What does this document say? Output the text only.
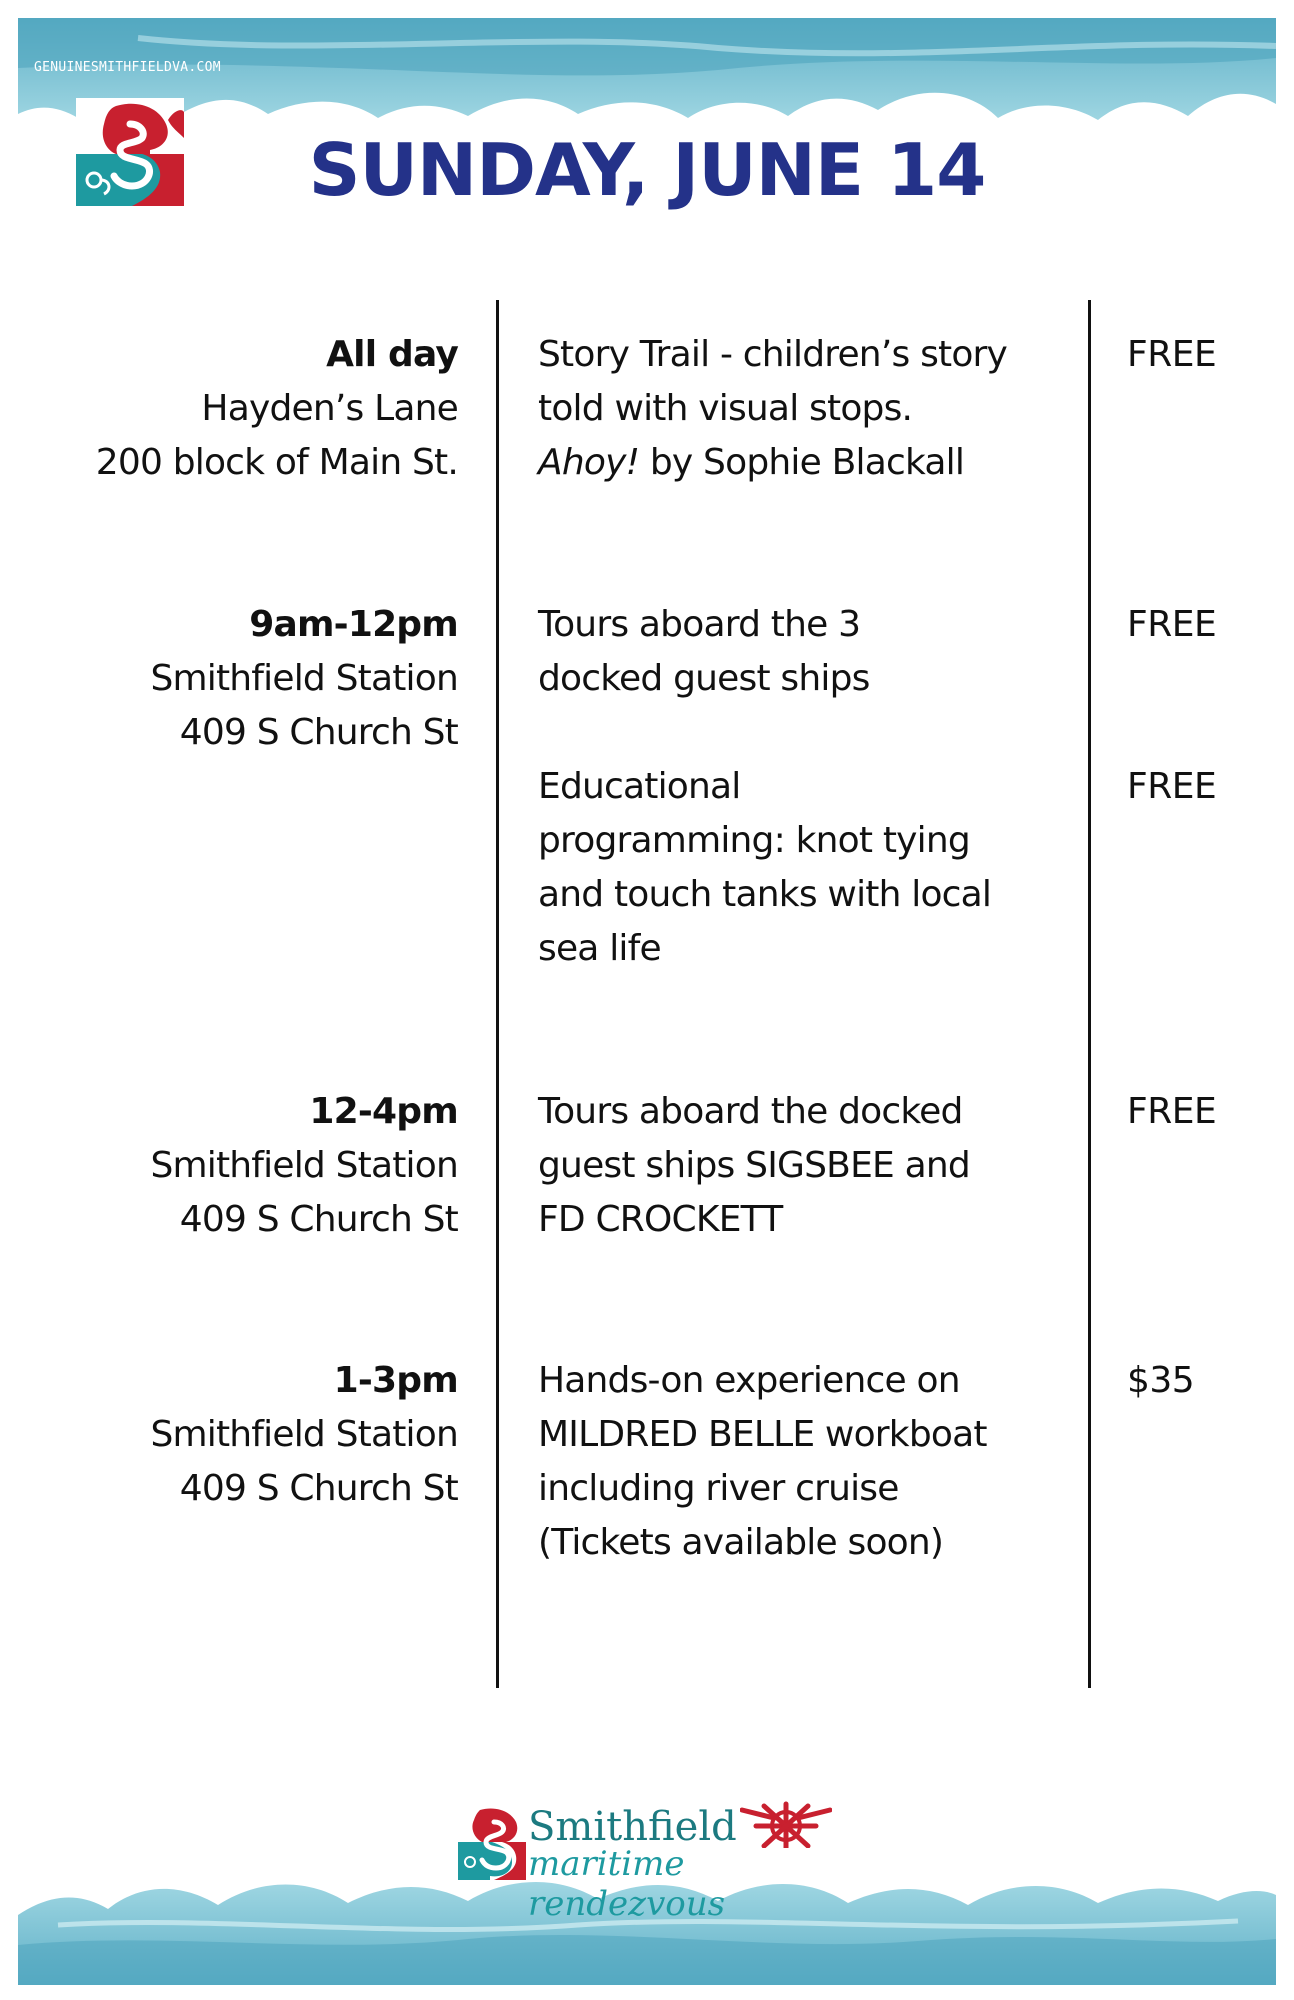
GENUINESMITHFIELDVA.COM
SUNDAY, JUNE 14
All day
Hayden’s Lane
200 block of Main St.
Story Trail - children’s story
told with visual stops.
Ahoy! by Sophie Blackall
FREE
9am-12pm
Smithfield Station
409 S Church St
Tours aboard the 3
docked guest ships
FREE
Educational
programming: knot tying
and touch tanks with local
sea life
FREE
12-4pm
Smithfield Station
409 S Church St
Tours aboard the docked
guest ships SIGSBEE and
FD CROCKETT
FREE
1-3pm
Smithfield Station
409 S Church St
Hands-on experience on
MILDRED BELLE workboat
including river cruise
(Tickets available soon)
$35
Smithfield
maritime rendezvous
